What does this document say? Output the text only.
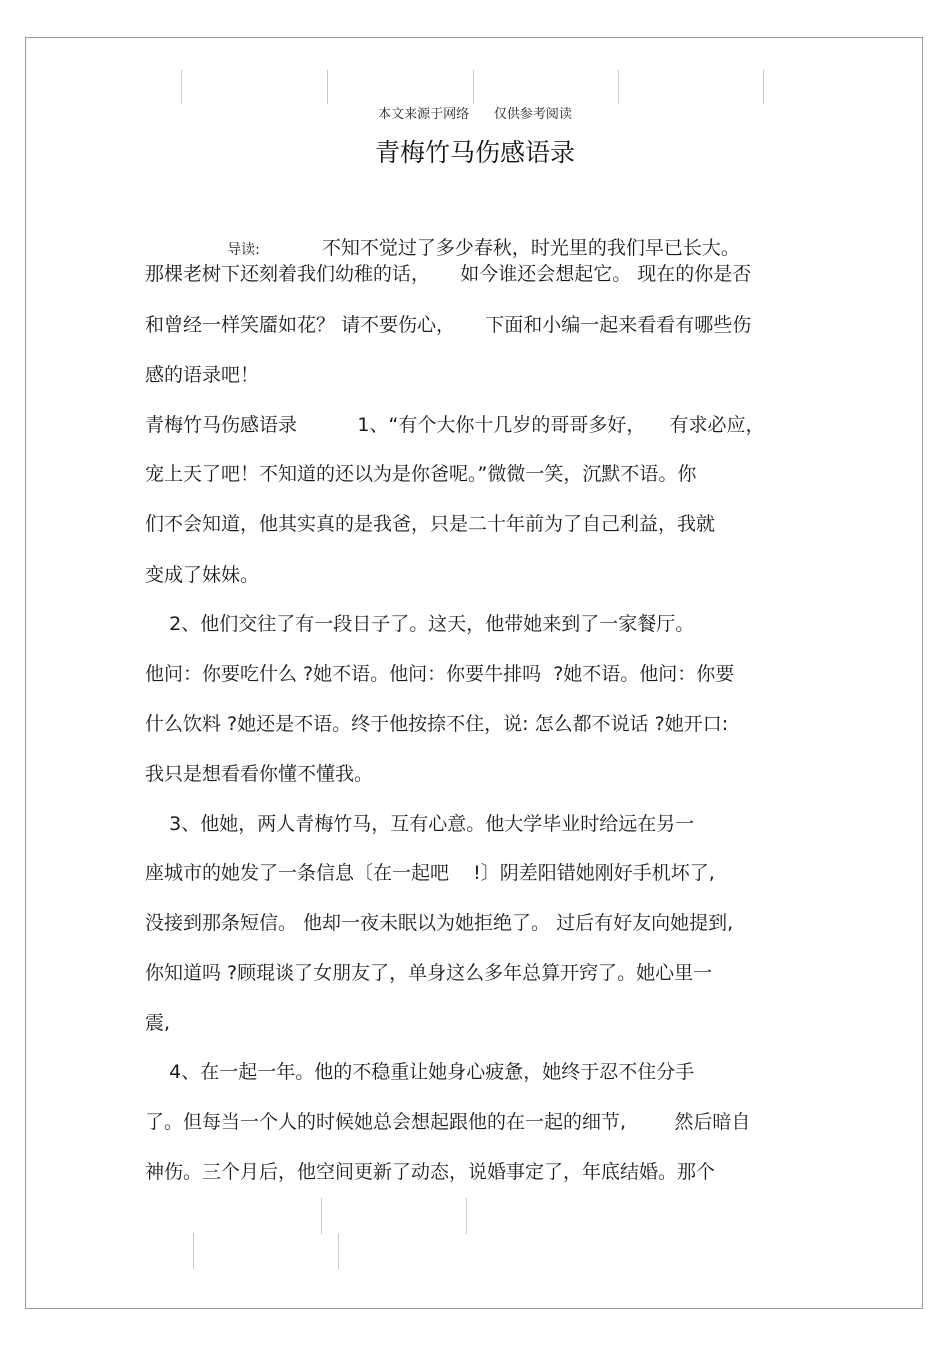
本文来源于网络      仅供参考阅读
青梅竹马伤感语录

导读:	不知不觉过了多少春秋，时光里的我们早已长大。

那棵老树下还刻着我们幼稚的话，     如今谁还会想起它。 现在的你是否
和曾经一样笑靥如花？ 请不要伤心，     下面和小编一起来看看有哪些伤
感的语录吧！
青梅竹马伤感语录          1、“有个大你十几岁的哥哥多好，    有求必应，
宠上天了吧！不知道的还以为是你爸呢。”微微一笑，沉默不语。你
们不会知道，他其实真的是我爸，只是二十年前为了自己利益，我就
变成了妹妹。
2、他们交往了有一段日子了。这天，他带她来到了一家餐厅。
他问：你要吃什么 ?她不语。他问：你要牛排吗  ?她不语。他问：你要
什么饮料 ?她还是不语。终于他按捺不住，说: 怎么都不说话 ?她开口:
我只是想看看你懂不懂我。
3、他她，两人青梅竹马，互有心意。他大学毕业时给远在另一
座城市的她发了一条信息〔在一起吧    !〕阴差阳错她刚好手机坏了,
没接到那条短信。 他却一夜未眠以为她拒绝了。 过后有好友向她提到,
你知道吗 ?顾琨谈了女朋友了，单身这么多年总算开窍了。她心里一
震,
4、在一起一年。他的不稳重让她身心疲惫，她终于忍不住分手
了。但每当一个人的时候她总会想起跟他的在一起的细节,        然后暗自
神伤。三个月后，他空间更新了动态，说婚事定了，年底结婚。那个
